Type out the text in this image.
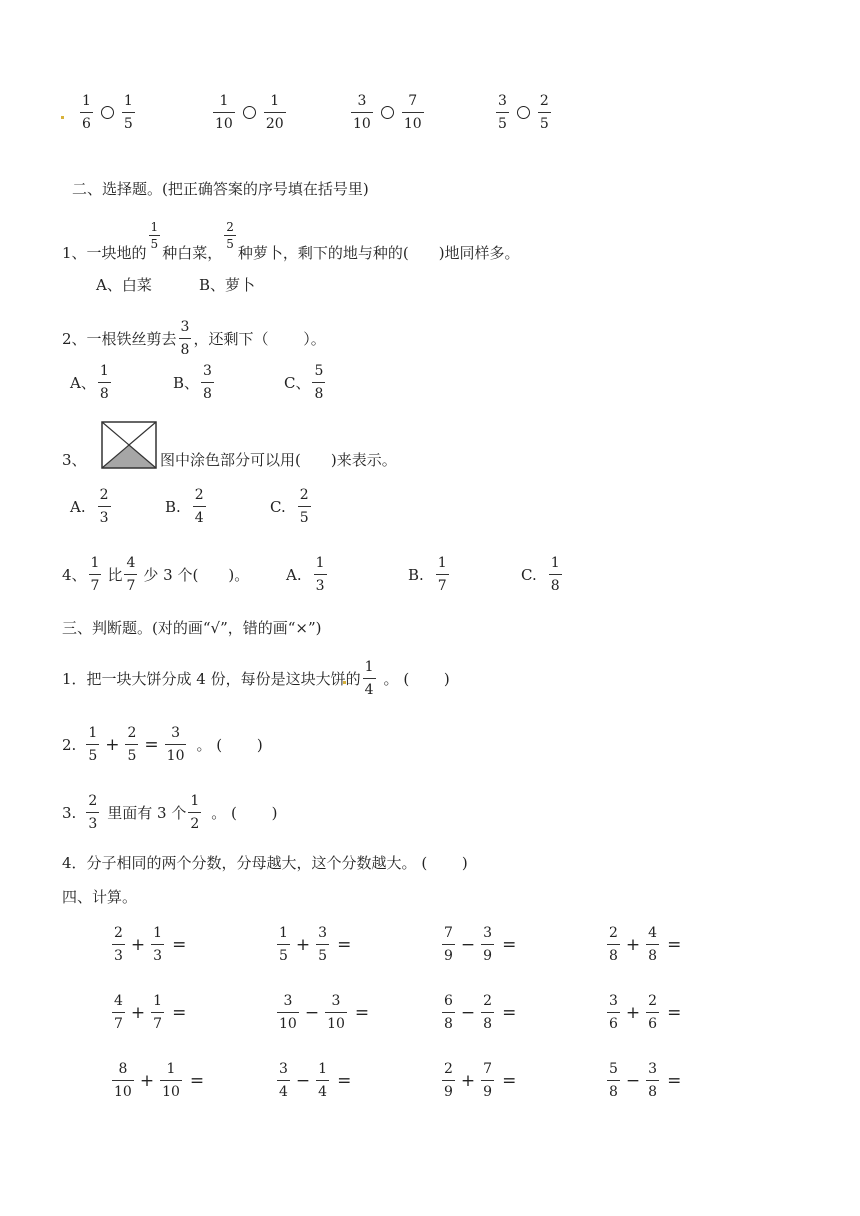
$\frac{1}{6} \frac{1}{5}$	$\frac{1}{10} \frac{1}{20}$	$\frac{3}{10} \frac{7}{10}$	$\frac{3}{5} \frac{2}{5}$
二、选择题。(把正确答案的序号填在括号里)
1、一块地的
$\frac{1}{5}$
种白菜，
$\frac{2}{5}$
种萝卜，剩下的地与种的(　　)地同样多。
A、白菜	B、萝卜
2、一根铁丝剪去 $\frac{3}{8}$ ，还剩下（　　 ）。
A、 $\frac{1}{8}$	B、 $\frac{3}{8}$	C、 $\frac{5}{8}$
3、	图中涂色部分可以用(　　)来表示。
A. $\frac{2}{3}$	B. $\frac{2}{4}$	C. $\frac{2}{5}$
4、 $\frac{1}{7}$ 比 $\frac{4}{7}$ 少 3 个(　　)。 A. $\frac{1}{3}$	B. $\frac{1}{7}$	C. $\frac{1}{8}$
三、判断题。(对的画“√”，错的画“×”)
1．把一块大饼分成 4 份，每份是这块大饼的 $\frac{1}{4}$ 。 (　　 )
2. $\frac{1}{5} + \frac{2}{5} = \frac{3}{10}$ 。 (　　 )
3. $\frac{2}{3}$ 里面有 3 个 $\frac{1}{2}$ 。 (　　 )
4．分子相同的两个分数，分母越大，这个分数越大。 (　　 )
四、计算。
$\frac{2}{3} + \frac{1}{3}$ =	$\frac{1}{5} + \frac{3}{5}$ =	$\frac{7}{9} - \frac{3}{9}$ =	$\frac{2}{8} + \frac{4}{8}$ =
$\frac{4}{7} + \frac{1}{7}$ =	$\frac{3}{10} - \frac{3}{10}$ =	$\frac{6}{8} - \frac{2}{8}$ =	$\frac{3}{6} + \frac{2}{6}$ =
$\frac{8}{10} + \frac{1}{10}$ =	$\frac{3}{4} - \frac{1}{4}$ =	$\frac{2}{9} + \frac{7}{9}$ =	$\frac{5}{8} - \frac{3}{8}$ =
